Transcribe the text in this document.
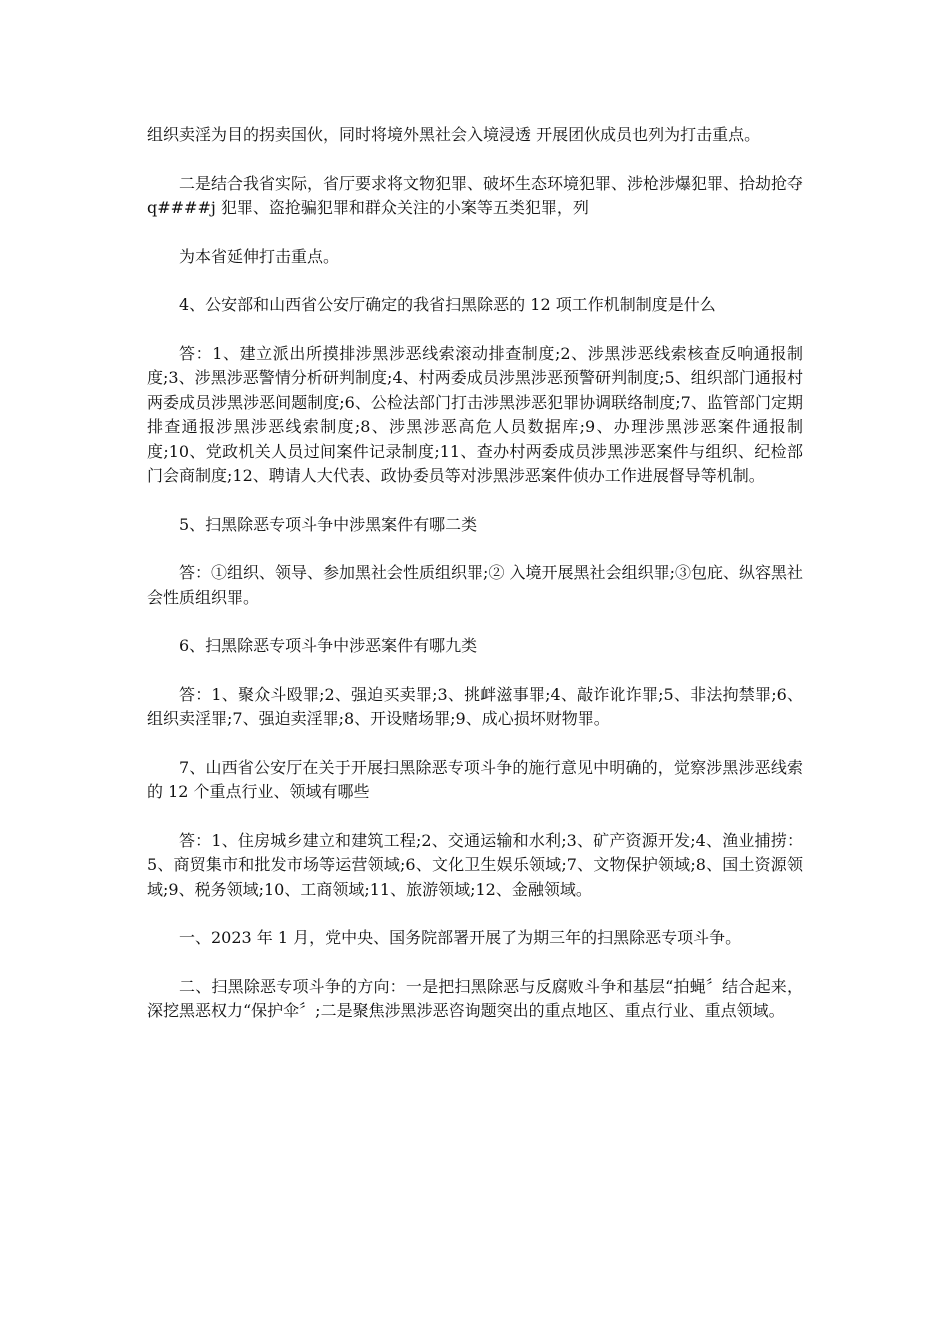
组织卖淫为目的拐卖国伙，同时将境外黑社会入境浸透 开展团伙成员也列为打击重点。

二是结合我省实际，省厅要求将文物犯罪、破坏生态环境犯罪、涉枪涉爆犯罪、拾劫抢夺 q####j 犯罪、盗抢骗犯罪和群众关注的小案等五类犯罪，列

为本省延伸打击重点。

4、公安部和山西省公安厅确定的我省扫黑除恶的 12 项工作机制制度是什么

答：1、建立派出所摸排涉黑涉恶线索滚动排查制度;2、涉黑涉恶线索核查反响通报制度;3、涉黑涉恶警情分析研判制度;4、村两委成员涉黑涉恶预警研判制度;5、组织部门通报村两委成员涉黑涉恶间题制度;6、公检法部门打击涉黑涉恶犯罪协调联络制度;7、监管部门定期排查通报涉黑涉恶线索制度;8、涉黑涉恶高危人员数据库;9、办理涉黑涉恶案件通报制度;10、党政机关人员过间案件记录制度;11、查办村两委成员涉黑涉恶案件与组织、纪检部门会商制度;12、聘请人大代表、政协委员等对涉黑涉恶案件侦办工作进展督导等机制。

5、扫黑除恶专项斗争中涉黑案件有哪二类

答：①组织、领导、参加黑社会性质组织罪;② 入境开展黑社会组织罪;③包庇、纵容黑社会性质组织罪。

6、扫黑除恶专项斗争中涉恶案件有哪九类

答：1、聚众斗殴罪;2、强迫买卖罪;3、挑衅滋事罪;4、敲诈讹诈罪;5、非法拘禁罪;6、组织卖淫罪;7、强迫卖淫罪;8、开设赌场罪;9、成心损坏财物罪。

7、山西省公安厅在关于开展扫黑除恶专项斗争的施行意见中明确的，觉察涉黑涉恶线索的 12 个重点行业、领域有哪些

答：1、住房城乡建立和建筑工程;2、交通运输和水利;3、矿产资源开发;4、渔业捕捞：5、商贸集市和批发市场等运营领域;6、文化卫生娱乐领域;7、文物保护领域;8、国土资源领域;9、税务领域;10、工商领域;11、旅游领域;12、金融领域。

一、2023 年 1 月，党中央、国务院部署开展了为期三年的扫黑除恶专项斗争。

二、扫黑除恶专项斗争的方向：一是把扫黑除恶与反腐败斗争和基层“拍蝇〞结合起来，深挖黑恶权力“保护伞〞;二是聚焦涉黑涉恶咨询题突出的重点地区、重点行业、重点领域。
